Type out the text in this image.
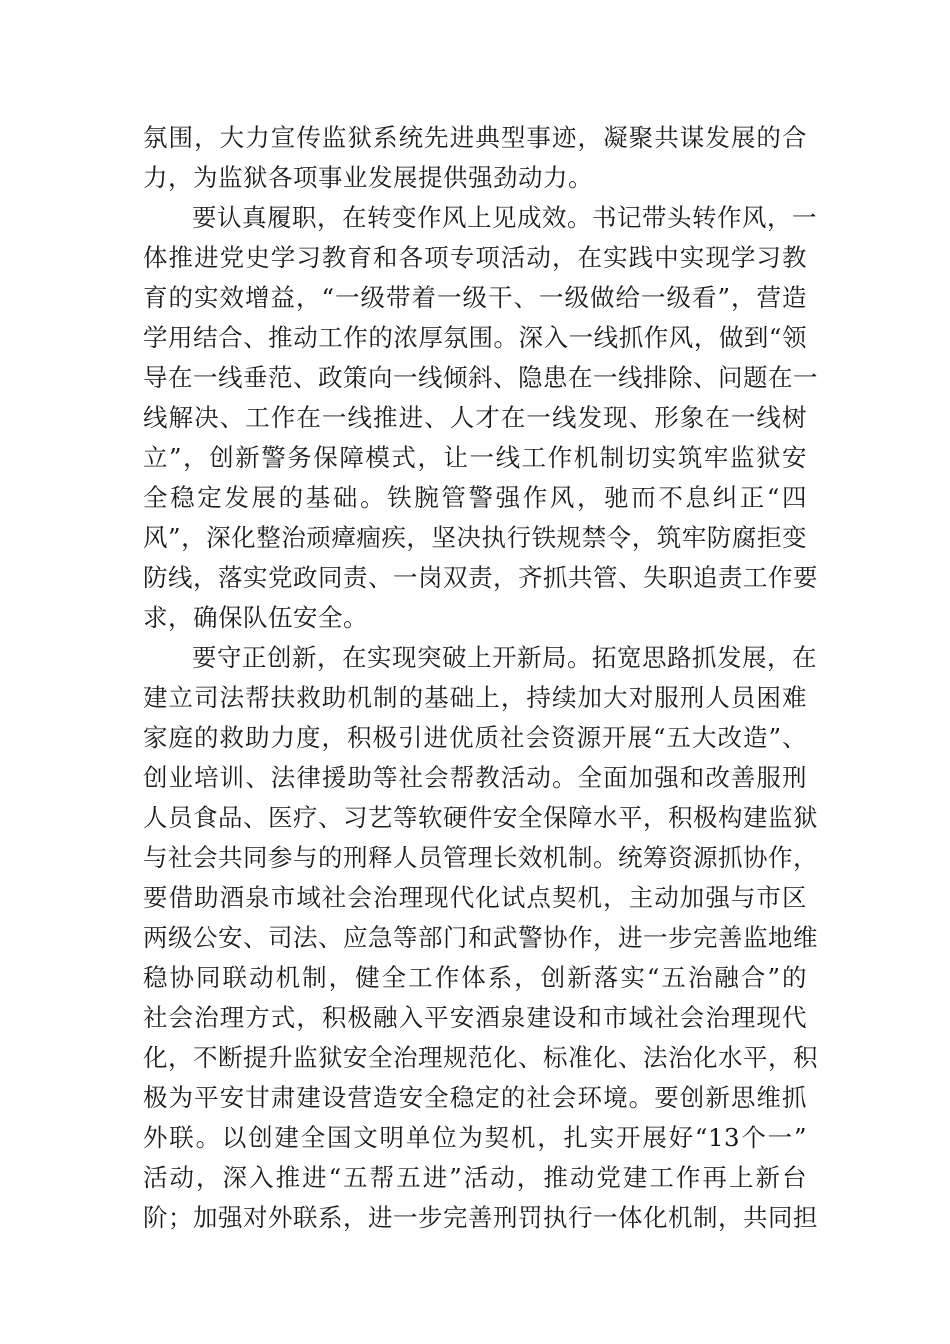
氛围，大力宣传监狱系统先进典型事迹，凝聚共谋发展的合
力，为监狱各项事业发展提供强劲动力。
要认真履职，在转变作风上见成效。书记带头转作风，一
体推进党史学习教育和各项专项活动，在实践中实现学习教
育的实效增益，“一级带着一级干、一级做给一级看”，营造
学用结合、推动工作的浓厚氛围。深入一线抓作风，做到“领
导在一线垂范、政策向一线倾斜、隐患在一线排除、问题在一
线解决、工作在一线推进、人才在一线发现、形象在一线树
立”，创新警务保障模式，让一线工作机制切实筑牢监狱安
全稳定发展的基础。铁腕管警强作风，驰而不息纠正“四
风”，深化整治顽瘴痼疾，坚决执行铁规禁令，筑牢防腐拒变
防线，落实党政同责、一岗双责，齐抓共管、失职追责工作要
求，确保队伍安全。
要守正创新，在实现突破上开新局。拓宽思路抓发展，在
建立司法帮扶救助机制的基础上，持续加大对服刑人员困难
家庭的救助力度，积极引进优质社会资源开展“五大改造”、
创业培训、法律援助等社会帮教活动。全面加强和改善服刑
人员食品、医疗、习艺等软硬件安全保障水平，积极构建监狱
与社会共同参与的刑释人员管理长效机制。统筹资源抓协作，
要借助酒泉市域社会治理现代化试点契机，主动加强与市区
两级公安、司法、应急等部门和武警协作，进一步完善监地维
稳协同联动机制，健全工作体系，创新落实“五治融合”的
社会治理方式，积极融入平安酒泉建设和市域社会治理现代
化，不断提升监狱安全治理规范化、标准化、法治化水平，积
极为平安甘肃建设营造安全稳定的社会环境。要创新思维抓
外联。以创建全国文明单位为契机，扎实开展好“13个一”
活动，深入推进“五帮五进”活动，推动党建工作再上新台
阶；加强对外联系，进一步完善刑罚执行一体化机制，共同担
